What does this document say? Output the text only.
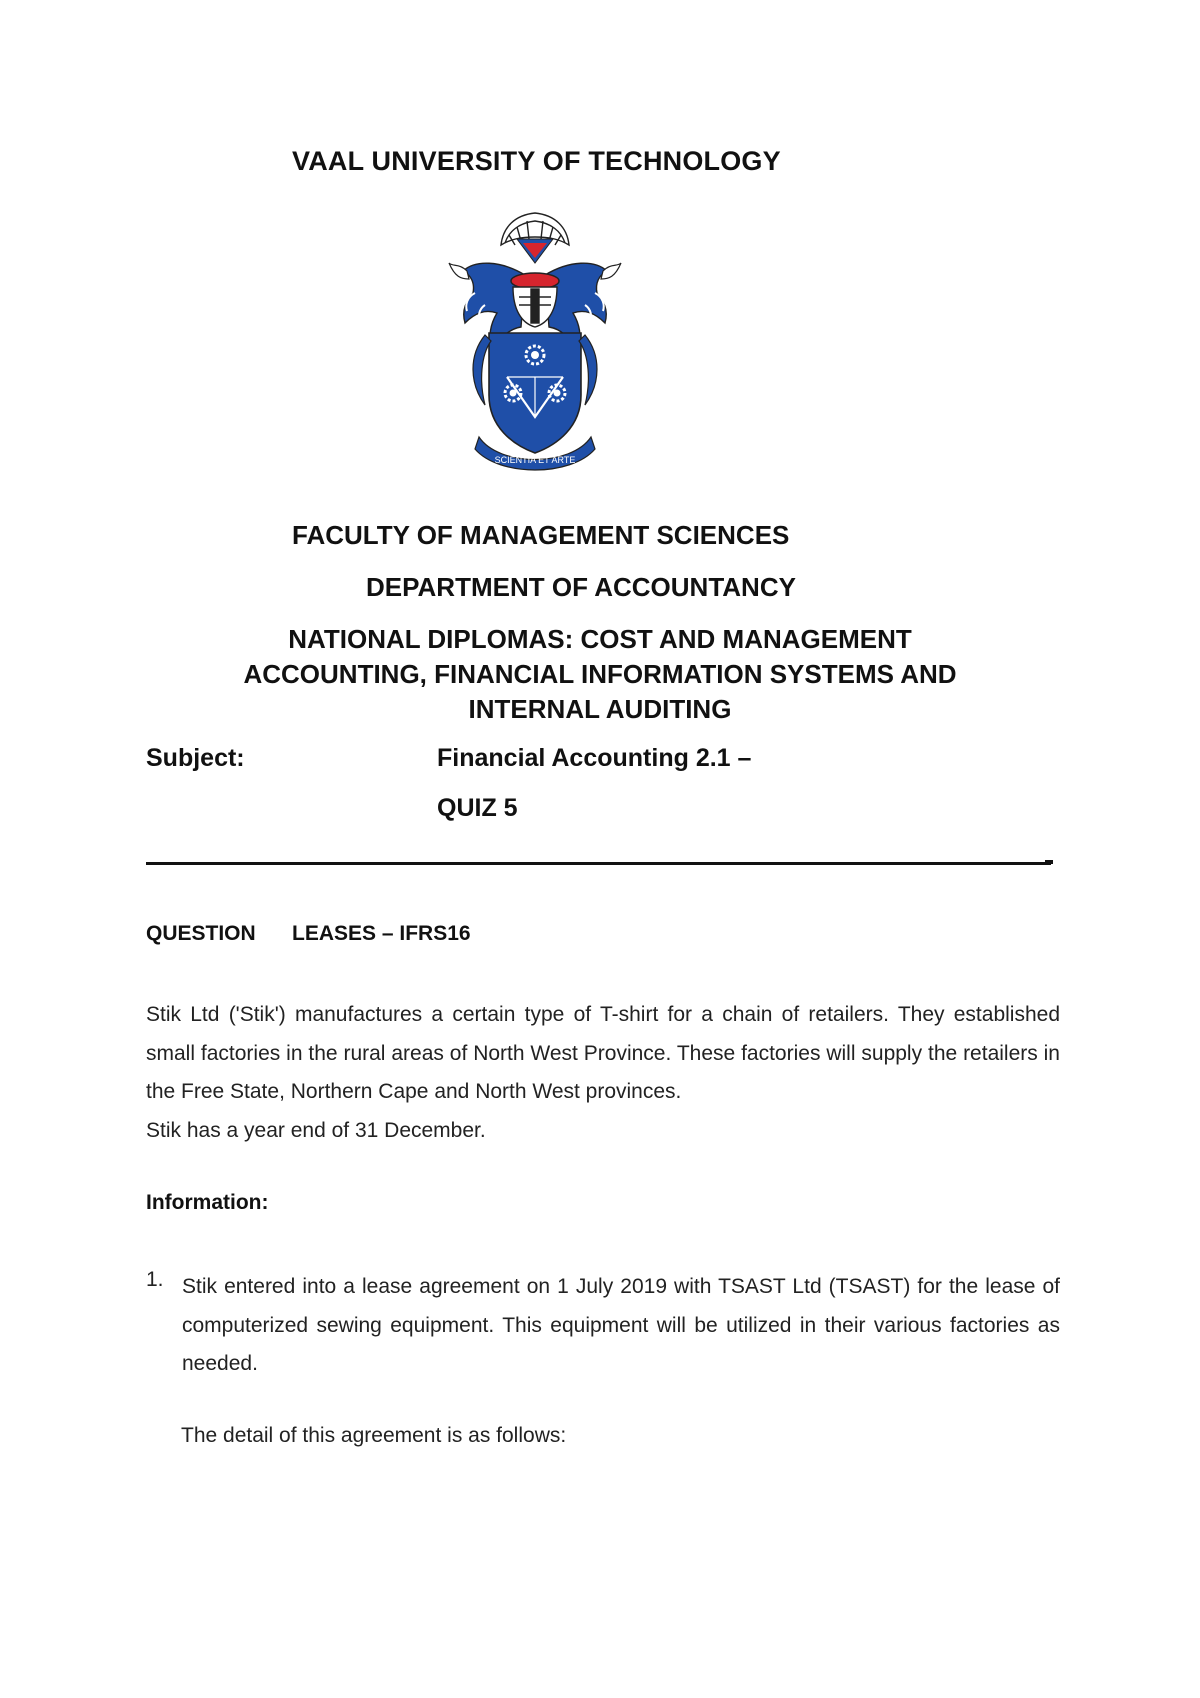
VAAL UNIVERSITY OF TECHNOLOGY
SCIENTIA ET ARTE
FACULTY OF MANAGEMENT SCIENCES
DEPARTMENT OF ACCOUNTANCY
NATIONAL DIPLOMAS: COST AND MANAGEMENT
ACCOUNTING, FINANCIAL INFORMATION SYSTEMS AND
INTERNAL AUDITING
Subject:	Financial Accounting 2.1 –
QUIZ 5
QUESTION LEASES – IFRS16

Stik Ltd ('Stik') manufactures a certain type of T-shirt for a chain of retailers. They established small factories in the rural areas of North West Province. These factories will supply the retailers in the Free State, Northern Cape and North West provinces.

Stik has a year end of 31 December.

Information:
1. Stik entered into a lease agreement on 1 July 2019 with TSAST Ltd (TSAST) for the lease of computerized sewing equipment. This equipment will be utilized in their various factories as needed.

The detail of this agreement is as follows:
